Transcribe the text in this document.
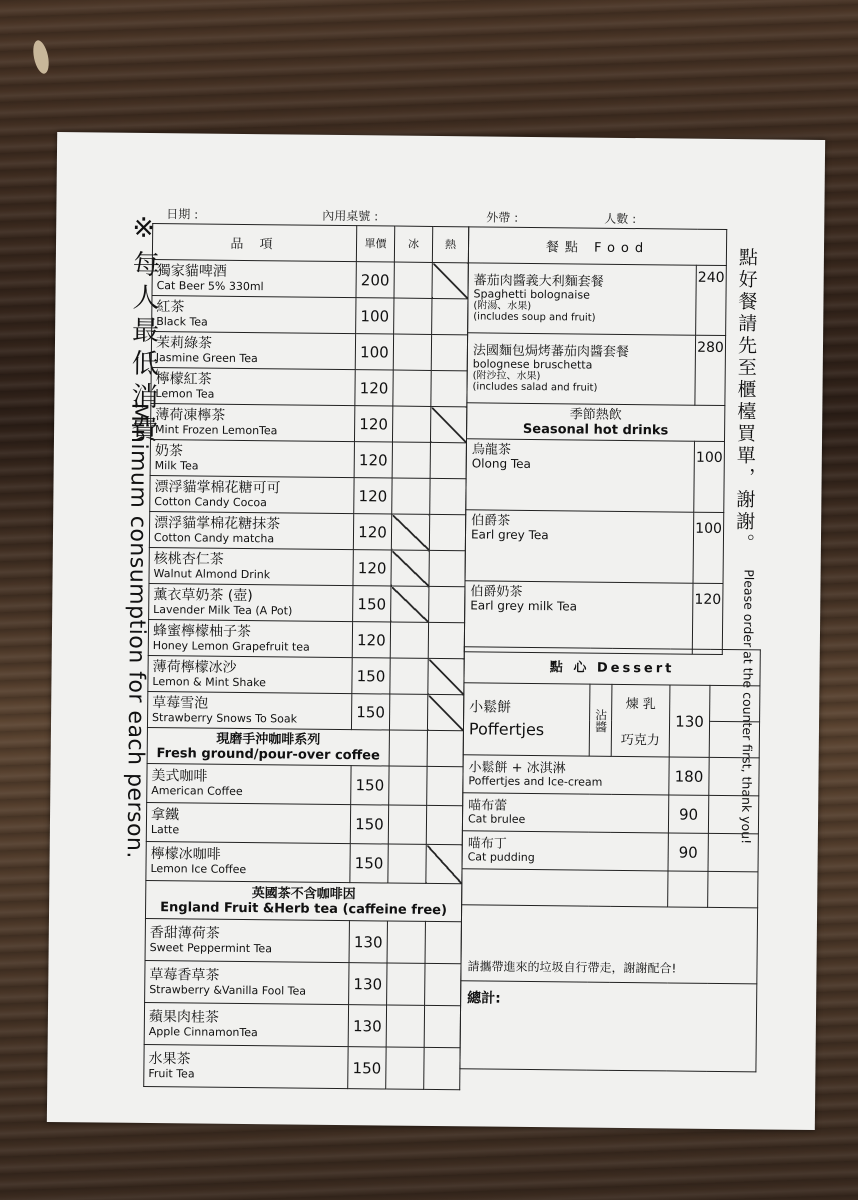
※每人最低消費
Minimum consumption for each person.
點好餐請先至櫃檯買單，謝謝。
Please order at the counter first, thank you!
日期 :	內用桌號 :	外帶 :	人數 :
品 項	單價	冰	熱

獨家貓啤酒
Cat Beer 5% 330ml	200		

紅茶
Black Tea	100		

茉莉綠茶
Jasmine Green Tea	100		

檸檬紅茶
Lemon Tea	120		

薄荷凍檸茶
Mint Frozen LemonTea	120		

奶茶
Milk Tea	120		

漂浮貓掌棉花糖可可
Cotton Candy Cocoa	120		

漂浮貓掌棉花糖抹茶
Cotton Candy matcha	120		

核桃杏仁茶
Walnut Almond Drink	120		

薰衣草奶茶 (壺)
Lavender Milk Tea (A Pot)	150		

蜂蜜檸檬柚子茶
Honey Lemon Grapefruit tea	120		

薄荷檸檬冰沙
Lemon & Mint Shake	150		

草莓雪泡
Strawberry Snows To Soak	150		

現磨手沖咖啡系列
Fresh ground/pour-over coffee			

美式咖啡
American Coffee	150		

拿鐵
Latte	150		

檸檬冰咖啡
Lemon Ice Coffee	150		

英國茶不含咖啡因
England Fruit &Herb tea (caffeine free)			

香甜薄荷茶
Sweet Peppermint Tea	130		

草莓香草茶
Strawberry &Vanilla Fool Tea	130		

蘋果肉桂茶
Apple CinnamonTea	130		

水果茶
Fruit Tea	150		
餐點 Food	

蕃茄肉醬義大利麵套餐
Spaghetti bolognaise
(附湯、水果)
(includes soup and fruit)	240

法國麵包焗烤蕃茄肉醬套餐
bolognese bruschetta
(附沙拉、水果)
(includes salad and fruit)	280

季節熱飲
Seasonal hot drinks	

烏龍茶
Olong Tea	100

伯爵茶
Earl grey Tea	100

伯爵奶茶
Earl grey milk Tea	120
點 心 Dessert				

小鬆餅
Poffertjes	沾醬	煉 乳	130	
		巧克力		

小鬆餅 + 冰淇淋
Poffertjes and Ice-cream			180	

喵布蕾
Cat brulee			90	

喵布丁
Cat pudding			90	

請攜帶進來的垃圾自行帶走，謝謝配合!				
總計:				
